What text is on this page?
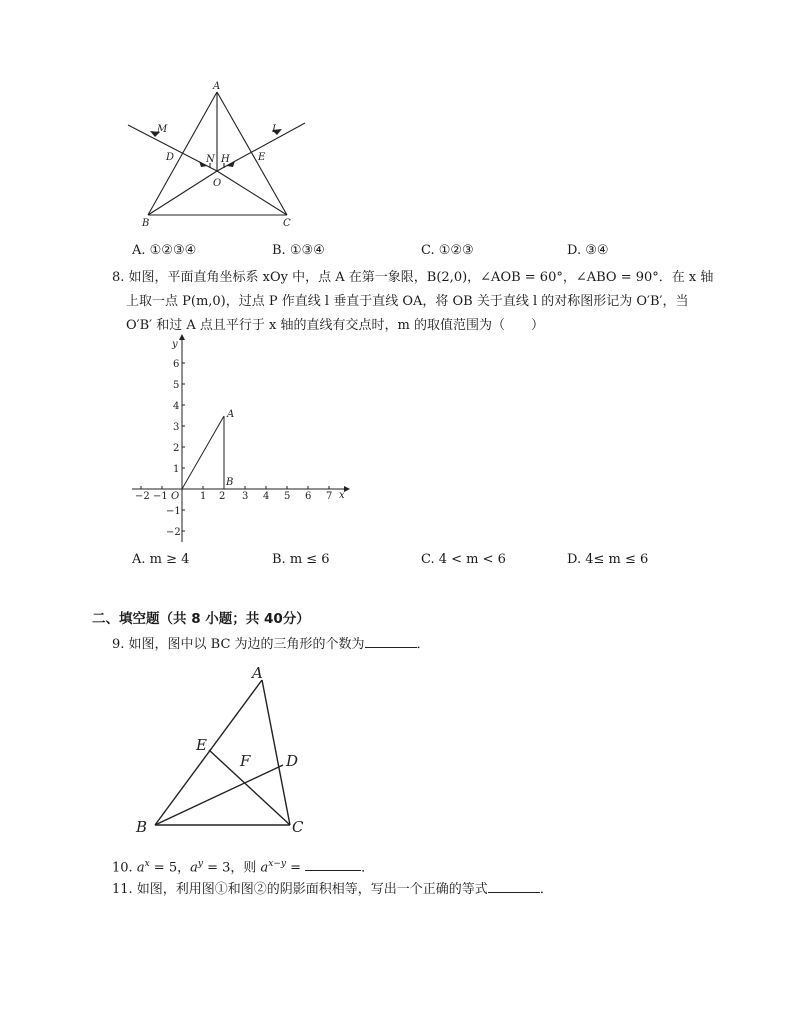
A
M	L
D	N H	E
O
B	C
A. ①②③④	B. ①③④	C. ①②③	D. ③④
8. 如图，平面直角坐标系 xOy 中，点 A 在第一象限，B(2,0)，∠AOB = 60°，∠ABO = 90°．在 x 轴
上取一点 P(m,0)，过点 P 作直线 l 垂直于直线 OA，将 OB 关于直线 l 的对称图形记为 O′B′，当
O′B′ 和过 A 点且平行于 x 轴的直线有交点时，m 的取值范围为（　　）
x
y
O
−2 −1	1 2 3 4 5 6 7
6
5
4
3
2
1
−1
−2
A
B
A. m ≥ 4	B. m ≤ 6	C. 4 < m < 6	D. 4≤ m ≤ 6
二、填空题（共 8 小题；共 40分）
9. 如图，图中以 BC 为边的三角形的个数为	．
A
E
F D
B	C
10. $a^x = 5$，$a^y = 3$，则 $a^{x-y}$ =	．
11. 如图，利用图①和图②的阴影面积相等，写出一个正确的等式	．
